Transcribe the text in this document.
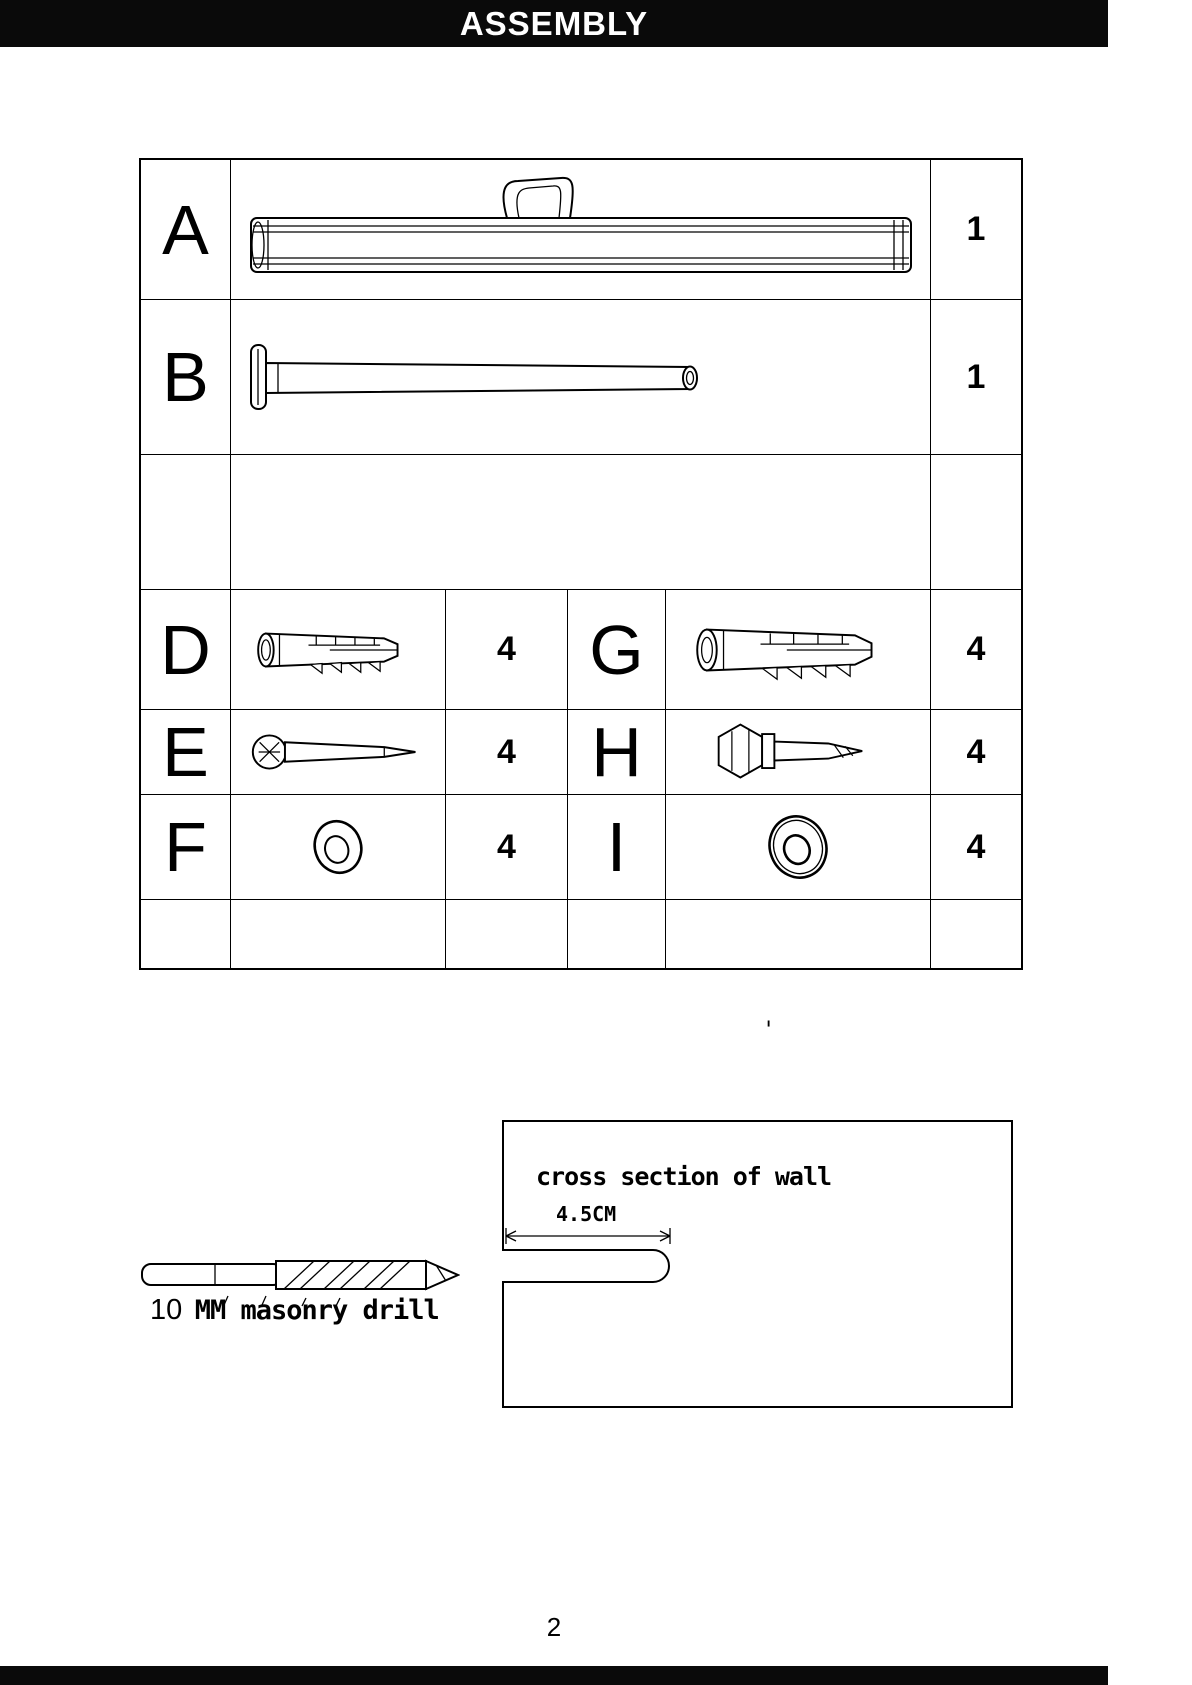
ASSEMBLY
A	1
B	1
D	4 G	4
E	4 H	4
F	4 I	4
'
10 MM masonry drill
cross section of wall
4.5CM
2
